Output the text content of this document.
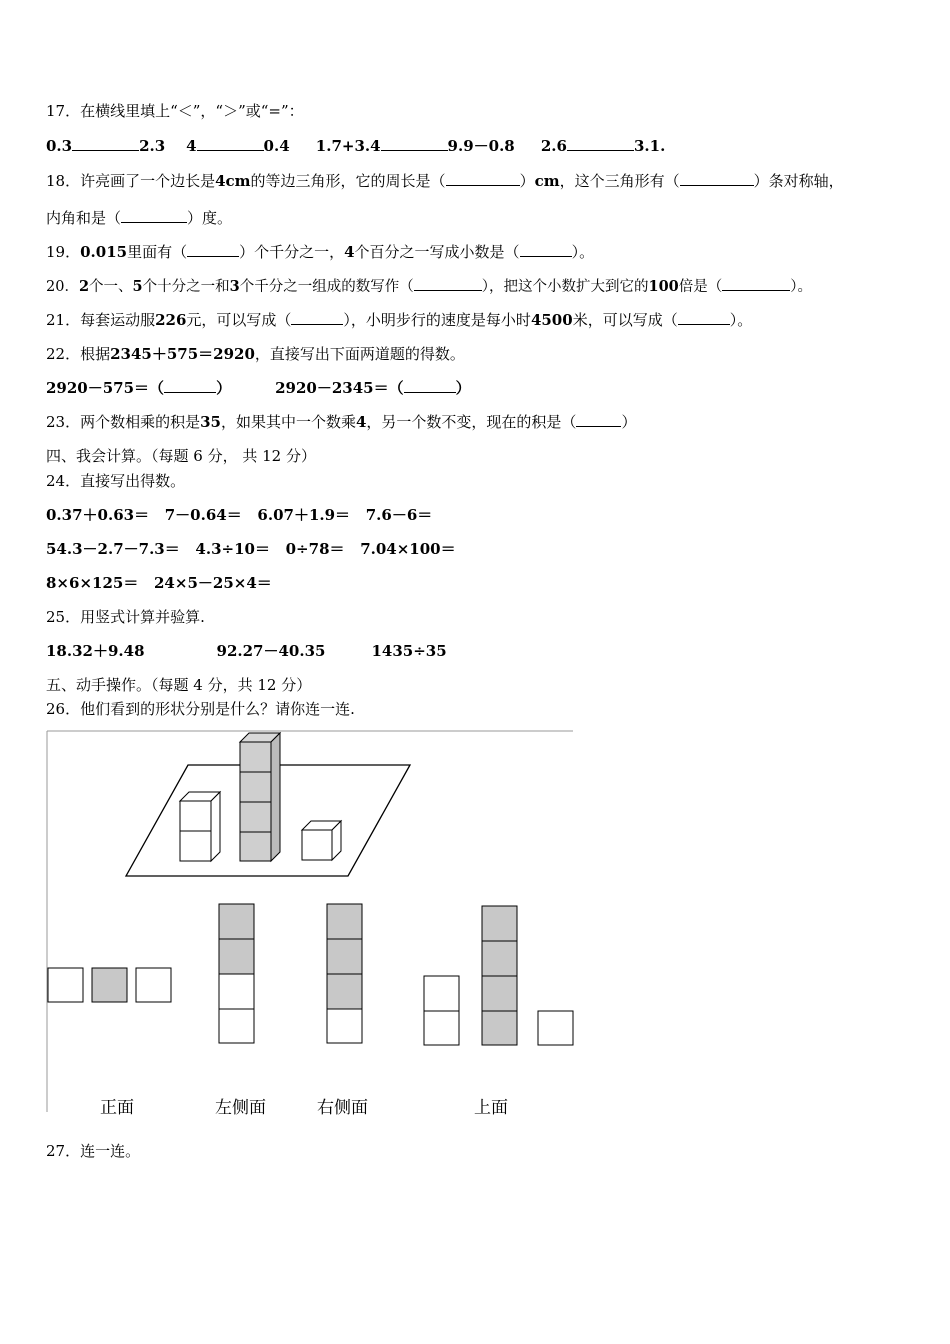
17．在横线里填上“＜”，“＞”或“=”：
0.3	2.3 4	0.4 1.7+3.4	9.9－0.8 2.6	3.1.
18．许亮画了一个边长是4cm的等边三角形，它的周长是（	）cm，这个三角形有（	）条对称轴，
内角和是（	）度。
19．0.015里面有（	）个千分之一，4个百分之一写成小数是（	）。
20．2个一、5个十分之一和3个千分之一组成的数写作（	），把这个小数扩大到它的100倍是（	）。
21．每套运动服226元，可以写成（	），小明步行的速度是每小时4500米，可以写成（	）。
22．根据2345＋575＝2920，直接写出下面两道题的得数。
2920－575＝（	）	2920－2345＝（	）
23．两个数相乘的积是35，如果其中一个数乘4，另一个数不变，现在的积是（	）
四、我会计算。（每题 6 分， 共 12 分）
24．直接写出得数。
0.37＋0.63＝ 7－0.64＝ 6.07＋1.9＝ 7.6－6＝
54.3－2.7－7.3＝ 4.3÷10＝ 0÷78＝ 7.04×100＝
8×6×125＝ 24×5－25×4＝
25．用竖式计算并验算.
18.32＋9.48	92.27－40.35	1435÷35
五、动手操作。（每题 4 分，共 12 分）
26．他们看到的形状分别是什么？请你连一连.
正面	左侧面	右侧面	上面
27．连一连。
